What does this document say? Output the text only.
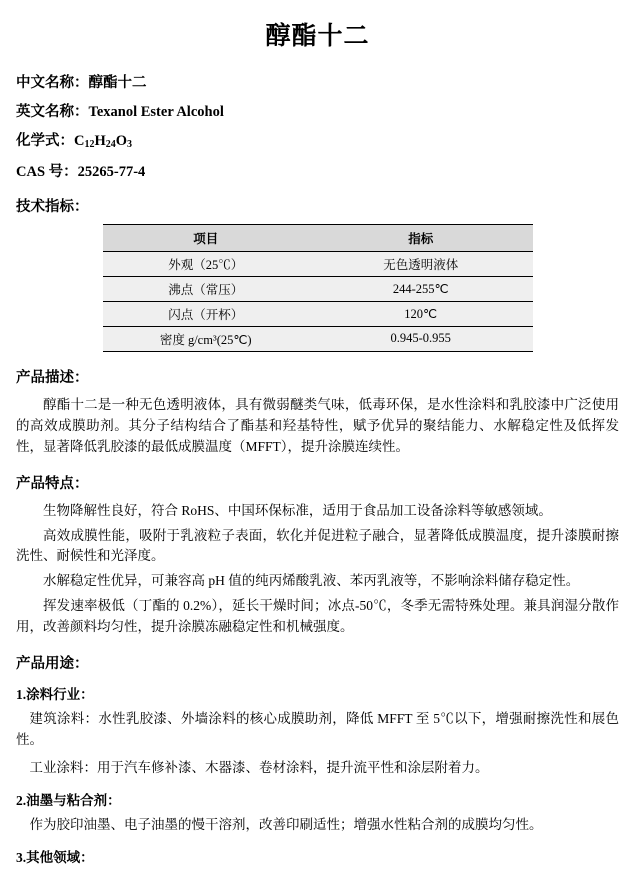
醇酯十二
中文名称：醇酯十二
英文名称：Texanol Ester Alcohol
化学式：$C_{12}H_{24}O_3$
CAS 号：25265-77-4
技术指标：
项目	指标
外观（25℃）	无色透明液体
沸点（常压）	244-255℃
闪点（开杯）	120℃
密度 g/cm³(25℃)	0.945-0.955
产品描述：

醇酯十二是一种无色透明液体，具有微弱醚类气味，低毒环保，是水性涂料和乳胶漆中广泛使用的高效成膜助剂。其分子结构结合了酯基和羟基特性，赋予优异的聚结能力、水解稳定性及低挥发性，显著降低乳胶漆的最低成膜温度（MFFT），提升涂膜连续性。

产品特点：

生物降解性良好，符合 RoHS、中国环保标准，适用于食品加工设备涂料等敏感领域。

高效成膜性能，吸附于乳液粒子表面，软化并促进粒子融合，显著降低成膜温度，提升漆膜耐擦洗性、耐候性和光泽度。

水解稳定性优异，可兼容高 pH 值的纯丙烯酸乳液、苯丙乳液等，不影响涂料储存稳定性。

挥发速率极低（丁酯的 0.2%），延长干燥时间；冰点-50℃，冬季无需特殊处理。兼具润湿分散作用，改善颜料均匀性，提升涂膜冻融稳定性和机械强度。

产品用途：
1.涂料行业：

建筑涂料：水性乳胶漆、外墙涂料的核心成膜助剂，降低 MFFT 至 5℃以下，增强耐擦洗性和展色性。

工业涂料：用于汽车修补漆、木器漆、卷材涂料，提升流平性和涂层附着力。

2.油墨与粘合剂：

作为胶印油墨、电子油墨的慢干溶剂，改善印刷适性；增强水性粘合剂的成膜均匀性。

3.其他领域：
